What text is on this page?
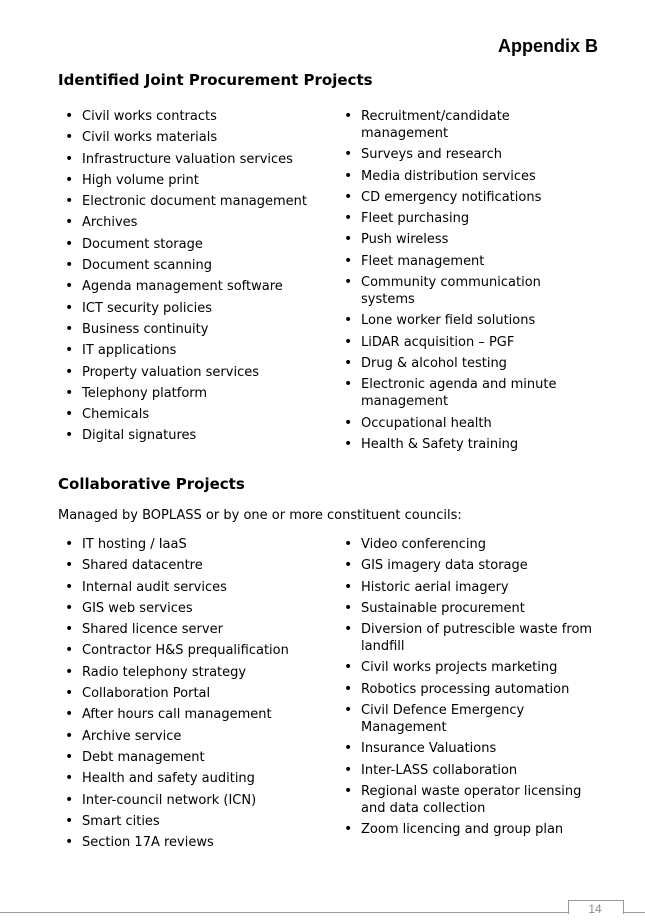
Appendix B
Identified Joint Procurement Projects
• Civil works contracts
• Civil works materials
• Infrastructure valuation services
• High volume print
• Electronic document management
• Archives
• Document storage
• Document scanning
• Agenda management software
• ICT security policies
• Business continuity
• IT applications
• Property valuation services
• Telephony platform
• Chemicals
• Digital signatures
• Recruitment/candidate management
• Surveys and research
• Media distribution services
• CD emergency notifications
• Fleet purchasing
• Push wireless
• Fleet management
• Community communication systems
• Lone worker field solutions
• LiDAR acquisition – PGF
• Drug & alcohol testing
• Electronic agenda and minute management
• Occupational health
• Health & Safety training
Collaborative Projects

Managed by BOPLASS or by one or more constituent councils:

• IT hosting / IaaS
• Shared datacentre
• Internal audit services
• GIS web services
• Shared licence server
• Contractor H&S prequalification
• Radio telephony strategy
• Collaboration Portal
• After hours call management
• Archive service
• Debt management
• Health and safety auditing
• Inter-council network (ICN)
• Smart cities
• Section 17A reviews
• Video conferencing
• GIS imagery data storage
• Historic aerial imagery
• Sustainable procurement
• Diversion of putrescible waste from landfill
• Civil works projects marketing
• Robotics processing automation
• Civil Defence Emergency Management
• Insurance Valuations
• Inter-LASS collaboration
• Regional waste operator licensing and data collection
• Zoom licencing and group plan
14
